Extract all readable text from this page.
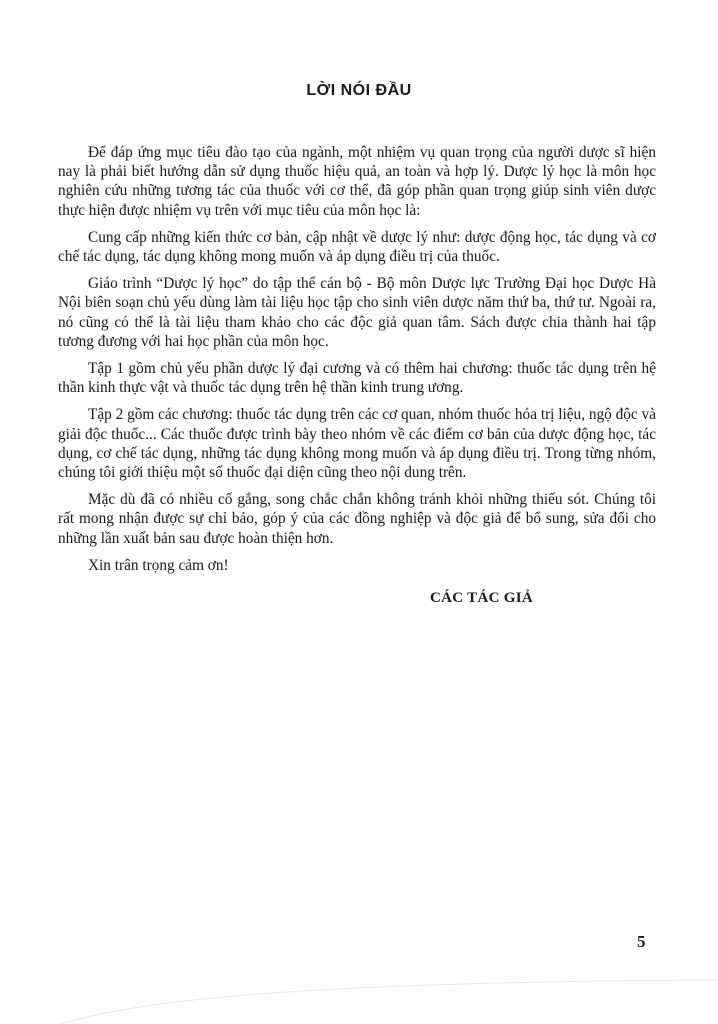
LỜI NÓI ĐẦU

Để đáp ứng mục tiêu đào tạo của ngành, một nhiệm vụ quan trọng của người dược sĩ hiện nay là phải biết hướng dẫn sử dụng thuốc hiệu quả, an toàn và hợp lý. Dược lý học là môn học nghiên cứu những tương tác của thuốc với cơ thể, đã góp phần quan trọng giúp sinh viên dược thực hiện được nhiệm vụ trên với mục tiêu của môn học là:

Cung cấp những kiến thức cơ bản, cập nhật về dược lý như: dược động học, tác dụng và cơ chế tác dụng, tác dụng không mong muốn và áp dụng điều trị của thuốc.

Giáo trình “Dược lý học” do tập thể cán bộ - Bộ môn Dược lực Trường Đại học Dược Hà Nội biên soạn chủ yếu dùng làm tài liệu học tập cho sinh viên dược năm thứ ba, thứ tư. Ngoài ra, nó cũng có thể là tài liệu tham khảo cho các độc giả quan tâm. Sách được chia thành hai tập tương đương với hai học phần của môn học.

Tập 1 gồm chủ yếu phần dược lý đại cương và có thêm hai chương: thuốc tác dụng trên hệ thần kinh thực vật và thuốc tác dụng trên hệ thần kinh trung ương.

Tập 2 gồm các chương: thuốc tác dụng trên các cơ quan, nhóm thuốc hóa trị liệu, ngộ độc và giải độc thuốc... Các thuốc được trình bày theo nhóm về các điểm cơ bản của dược động học, tác dụng, cơ chế tác dụng, những tác dụng không mong muốn và áp dụng điều trị. Trong từng nhóm, chúng tôi giới thiệu một số thuốc đại diện cũng theo nội dung trên.

Mặc dù đã có nhiều cố gắng, song chắc chắn không tránh khỏi những thiếu sót. Chúng tôi rất mong nhận được sự chỉ bảo, góp ý của các đồng nghiệp và độc giả để bổ sung, sửa đổi cho những lần xuất bản sau được hoàn thiện hơn.

Xin trân trọng cảm ơn!

CÁC TÁC GIẢ
5
